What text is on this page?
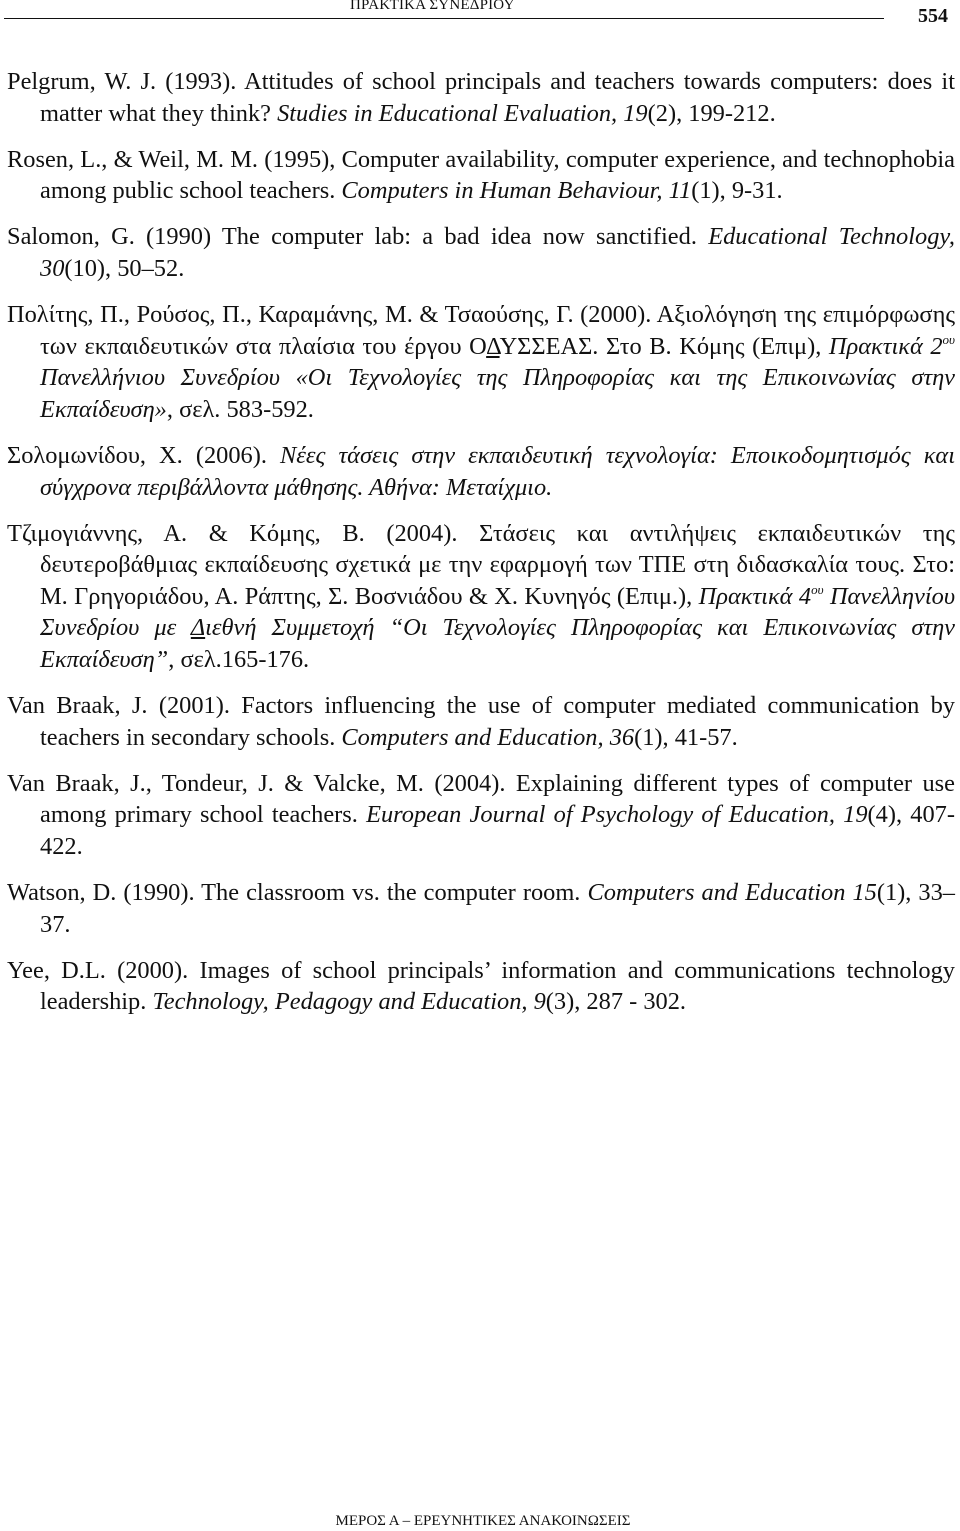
ΠΡΑΚΤΙΚΑ ΣΥΝΕΔΡΙΟΥ	554
Pelgrum, W. J. (1993). Attitudes of school principals and teachers towards computers: does it matter what they think? Studies in Educational Evaluation, 19(2), 199-212.
Rosen, L., & Weil, M. M. (1995), Computer availability, computer experience, and technophobia among public school teachers. Computers in Human Behaviour, 11(1), 9-31.
Salomon, G. (1990) The computer lab: a bad idea now sanctified. Educational Technology, 30(10), 50–52.
Πολίτης, Π., Ρούσος, Π., Καραμάνης, Μ. & Τσαούσης, Γ. (2000). Αξιολόγηση της επιμόρφωσης των εκπαιδευτικών στα πλαίσια του έργου ΟΔΥΣΣΕΑΣ. Στο Β. Κόμης (Επιμ), Πρακτικά $2^{o\upsilon}$ Πανελλήνιου Συνεδρίου «Οι Τεχνολογίες της Πληροφορίας και της Επικοινωνίας στην Εκπαίδευση», σελ. 583-592.
Σολομωνίδου, Χ. (2006). Νέες τάσεις στην εκπαιδευτική τεχνολογία: Εποικοδομητισμός και σύγχρονα περιβάλλοντα μάθησης. Αθήνα: Μεταίχμιο.
Τζιμογιάννης, Α. & Κόμης, Β. (2004). Στάσεις και αντιλήψεις εκπαιδευτικών της δευτεροβάθμιας εκπαίδευσης σχετικά με την εφαρμογή των ΤΠΕ στη διδασκαλία τους. Στο: Μ. Γρηγοριάδου, Α. Ράπτης, Σ. Βοσνιάδου & Χ. Κυνηγός (Επιμ.), Πρακτικά $4^{o\upsilon}$ Πανελληνίου Συνεδρίου με Διεθνή Συμμετοχή “Οι Τεχνολογίες Πληροφορίας και Επικοινωνίας στην Εκπαίδευση”, σελ.165-176.
Van Braak, J. (2001). Factors influencing the use of computer mediated communication by teachers in secondary schools. Computers and Education, 36(1), 41-57.
Van Braak, J., Tondeur, J. & Valcke, M. (2004). Explaining different types of computer use among primary school teachers. European Journal of Psychology of Education, 19(4), 407-422.
Watson, D. (1990). The classroom vs. the computer room. Computers and Education 15(1), 33–37.
Yee, D.L. (2000). Images of school principals’ information and communications technology leadership. Technology, Pedagogy and Education, 9(3), 287 - 302.
ΜΕΡΟΣ Α – ΕΡΕΥΝΗΤΙΚΕΣ ΑΝΑΚΟΙΝΩΣΕΙΣ
